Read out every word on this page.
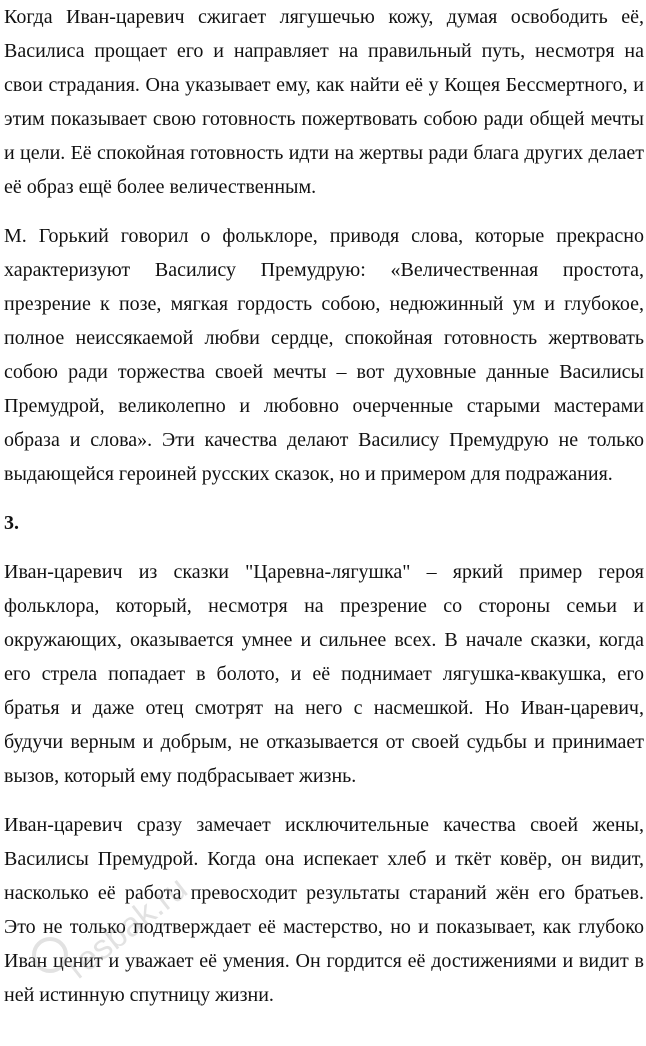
Когда Иван-царевич сжигает лягушечью кожу, думая освободить её, Василиса прощает его и направляет на правильный путь, несмотря на свои страдания. Она указывает ему, как найти её у Кощея Бессмертного, и этим показывает свою готовность пожертвовать собою ради общей мечты и цели. Её спокойная готовность идти на жертвы ради блага других делает её образ ещё более величественным.

М. Горький говорил о фольклоре, приводя слова, которые прекрасно характеризуют Василису Премудрую: «Величественная простота, презрение к позе, мягкая гордость собою, недюжинный ум и глубокое, полное неиссякаемой любви сердце, спокойная готовность жертвовать собою ради торжества своей мечты – вот духовные данные Василисы Премудрой, великолепно и любовно очерченные старыми мастерами образа и слова». Эти качества делают Василису Премудрую не только выдающейся героиней русских сказок, но и примером для подражания.

3.

Иван-царевич из сказки "Царевна-лягушка" – яркий пример героя фольклора, который, несмотря на презрение со стороны семьи и окружающих, оказывается умнее и сильнее всех. В начале сказки, когда его стрела попадает в болото, и её поднимает лягушка-квакушка, его братья и даже отец смотрят на него с насмешкой. Но Иван-царевич, будучи верным и добрым, не отказывается от своей судьбы и принимает вызов, который ему подбрасывает жизнь.

Иван-царевич сразу замечает исключительные качества своей жены, Василисы Премудрой. Когда она испекает хлеб и ткёт ковёр, он видит, насколько её работа превосходит результаты стараний жён его братьев. Это не только подтверждает её мастерство, но и показывает, как глубоко Иван ценит и уважает её умения. Он гордится её достижениями и видит в ней истинную спутницу жизни.

resbak.ru
